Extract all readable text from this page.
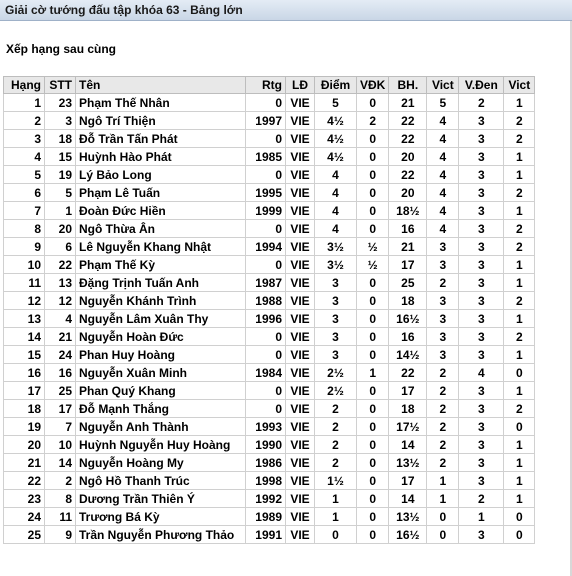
Giải cờ tướng đấu tập khóa 63 - Bảng lớn
Xếp hạng sau cùng
Hạng	STT	Tên	Rtg	LĐ	Điểm	VĐK	BH.	Vict	V.Đen	Vict
1	23	Phạm Thế Nhân	0	VIE	5	0	21	5	2	1
2	3	Ngô Trí Thiện	1997	VIE	4½	2	22	4	3	2
3	18	Đỗ Trần Tấn Phát	0	VIE	4½	0	22	4	3	2
4	15	Huỳnh Hào Phát	1985	VIE	4½	0	20	4	3	1
5	19	Lý Bảo Long	0	VIE	4	0	22	4	3	1
6	5	Phạm Lê Tuấn	1995	VIE	4	0	20	4	3	2
7	1	Đoàn Đức Hiền	1999	VIE	4	0	18½	4	3	1
8	20	Ngô Thừa Ân	0	VIE	4	0	16	4	3	2
9	6	Lê Nguyễn Khang Nhật	1994	VIE	3½	½	21	3	3	2
10	22	Phạm Thế Kỳ	0	VIE	3½	½	17	3	3	1
11	13	Đặng Trịnh Tuấn Anh	1987	VIE	3	0	25	2	3	1
12	12	Nguyễn Khánh Trình	1988	VIE	3	0	18	3	3	2
13	4	Nguyễn Lâm Xuân Thy	1996	VIE	3	0	16½	3	3	1
14	21	Nguyễn Hoàn Đức	0	VIE	3	0	16	3	3	2
15	24	Phan Huy Hoàng	0	VIE	3	0	14½	3	3	1
16	16	Nguyễn Xuân Minh	1984	VIE	2½	1	22	2	4	0
17	25	Phan Quý Khang	0	VIE	2½	0	17	2	3	1
18	17	Đỗ Mạnh Thắng	0	VIE	2	0	18	2	3	2
19	7	Nguyễn Anh Thành	1993	VIE	2	0	17½	2	3	0
20	10	Huỳnh Nguyễn Huy Hoàng	1990	VIE	2	0	14	2	3	1
21	14	Nguyễn Hoàng My	1986	VIE	2	0	13½	2	3	1
22	2	Ngô Hồ Thanh Trúc	1998	VIE	1½	0	17	1	3	1
23	8	Dương Trần Thiên Ý	1992	VIE	1	0	14	1	2	1
24	11	Trương Bá Kỳ	1989	VIE	1	0	13½	0	1	0
25	9	Trần Nguyễn Phương Thảo	1991	VIE	0	0	16½	0	3	0
